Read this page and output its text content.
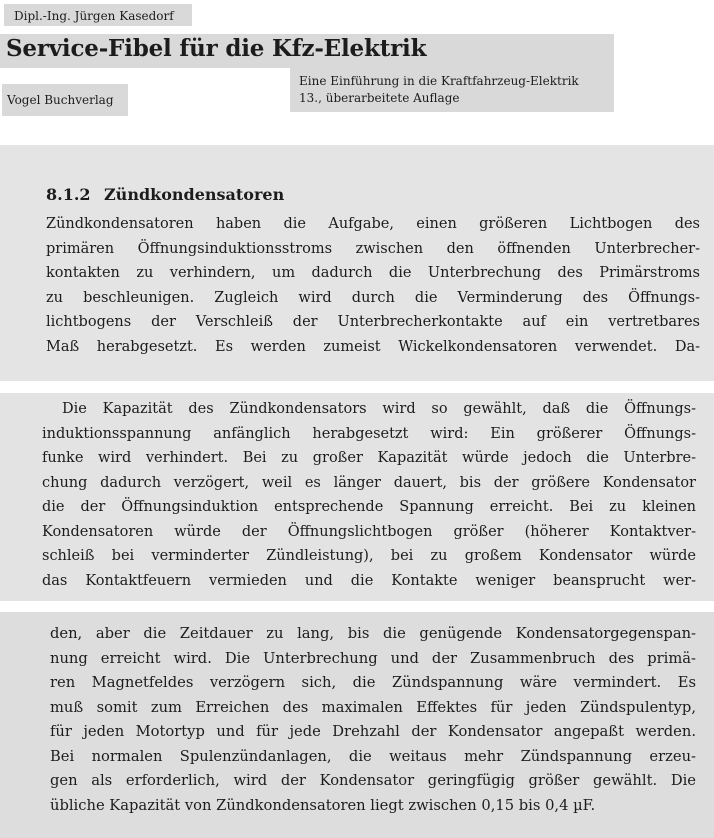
Dipl.-Ing. Jürgen Kasedorf
Service-Fibel für die Kfz-Elektrik
Vogel Buchverlag
Eine Einführung in die Kraftfahrzeug-Elektrik
13., überarbeitete Auflage
8.1.2 Zündkondensatoren
Zündkondensatoren haben die Aufgabe, einen größeren Lichtbogen des
primären Öffnungsinduktionsstroms zwischen den öffnenden Unterbrecher-
kontakten zu verhindern, um dadurch die Unterbrechung des Primärstroms
zu beschleunigen. Zugleich wird durch die Verminderung des Öffnungs-
lichtbogens der Verschleiß der Unterbrecherkontakte auf ein vertretbares
Maß herabgesetzt. Es werden zumeist Wickelkondensatoren verwendet. Da-
Die Kapazität des Zündkondensators wird so gewählt, daß die Öffnungs-
induktionsspannung anfänglich herabgesetzt wird: Ein größerer Öffnungs-
funke wird verhindert. Bei zu großer Kapazität würde jedoch die Unterbre-
chung dadurch verzögert, weil es länger dauert, bis der größere Kondensator
die der Öffnungsinduktion entsprechende Spannung erreicht. Bei zu kleinen
Kondensatoren würde der Öffnungslichtbogen größer (höherer Kontaktver-
schleiß bei verminderter Zündleistung), bei zu großem Kondensator würde
das Kontaktfeuern vermieden und die Kontakte weniger beansprucht wer-
den, aber die Zeitdauer zu lang, bis die genügende Kondensatorgegenspan-
nung erreicht wird. Die Unterbrechung und der Zusammenbruch des primä-
ren Magnetfeldes verzögern sich, die Zündspannung wäre vermindert. Es
muß somit zum Erreichen des maximalen Effektes für jeden Zündspulentyp,
für jeden Motortyp und für jede Drehzahl der Kondensator angepaßt werden.
Bei normalen Spulenzündanlagen, die weitaus mehr Zündspannung erzeu-
gen als erforderlich, wird der Kondensator geringfügig größer gewählt. Die
übliche Kapazität von Zündkondensatoren liegt zwischen 0,15 bis 0,4 µF.
